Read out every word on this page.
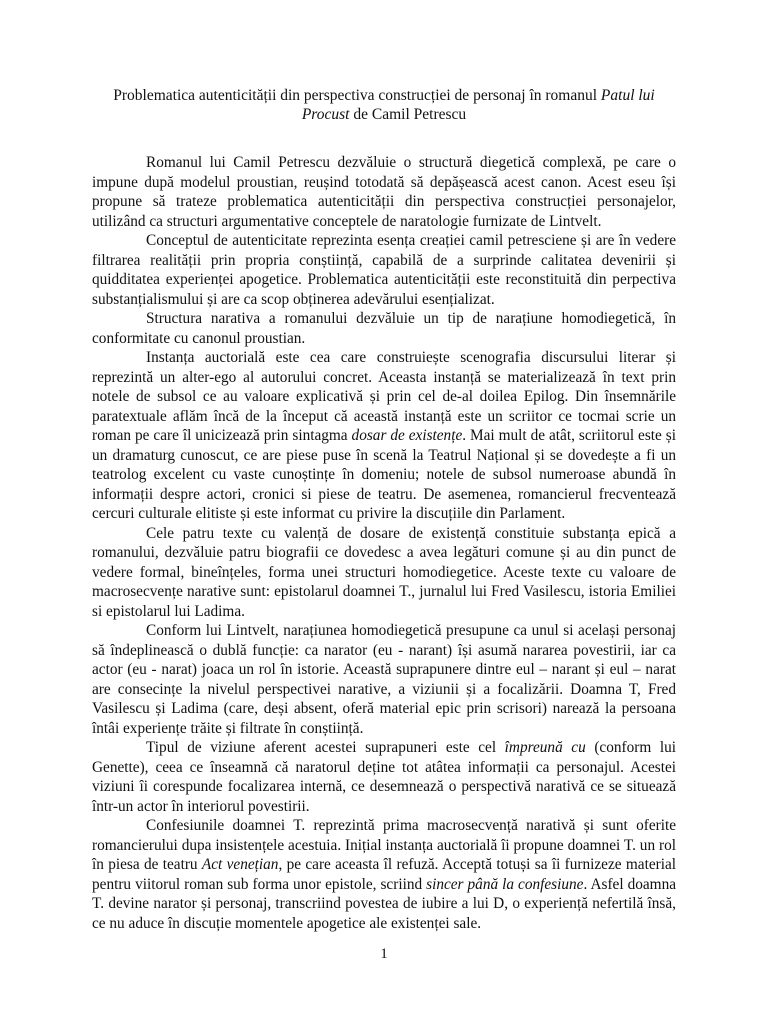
Problematica autenticității din perspectiva construcției de personaj în romanul Patul lui Procust de Camil Petrescu

Romanul lui Camil Petrescu dezvăluie o structură diegetică complexă, pe care o impune după modelul proustian, reușind totodată să depășească acest canon. Acest eseu își propune să trateze problematica autenticității din perspectiva construcției personajelor, utilizând ca structuri argumentative conceptele de naratologie furnizate de Lintvelt.

Conceptul de autenticitate reprezinta esența creației camil petresciene și are în vedere filtrarea realității prin propria conștiință, capabilă de a surprinde calitatea devenirii și quidditatea experienței apogetice. Problematica autenticității este reconstituită din perpectiva substanțialismului și are ca scop obținerea adevărului esențializat.

Structura narativa a romanului dezvăluie un tip de narațiune homodiegetică, în conformitate cu canonul proustian.

Instanța auctorială este cea care construiește scenografia discursului literar și reprezintă un alter-ego al autorului concret. Aceasta instanță se materializează în text prin notele de subsol ce au valoare explicativă și prin cel de-al doilea Epilog. Din însemnările paratextuale aflăm încă de la început că această instanță este un scriitor ce tocmai scrie un roman pe care îl unicizează prin sintagma dosar de existențe. Mai mult de atât, scriitorul este și un dramaturg cunoscut, ce are piese puse în scenă la Teatrul Național și se dovedește a fi un teatrolog excelent cu vaste cunoștințe în domeniu; notele de subsol numeroase abundă în informații despre actori, cronici si piese de teatru. De asemenea, romancierul frecventează cercuri culturale elitiste și este informat cu privire la discuțiile din Parlament.

Cele patru texte cu valență de dosare de existență constituie substanța epică a romanului, dezvăluie patru biografii ce dovedesc a avea legături comune și au din punct de vedere formal, bineînțeles, forma unei structuri homodiegetice. Aceste texte cu valoare de macrosecvențe narative sunt: epistolarul doamnei T., jurnalul lui Fred Vasilescu, istoria Emiliei si epistolarul lui Ladima.

Conform lui Lintvelt, narațiunea homodiegetică presupune ca unul si același personaj să îndeplinească o dublă funcție: ca narator (eu - narant) își asumă nararea povestirii, iar ca actor (eu - narat) joaca un rol în istorie. Această suprapunere dintre eul – narant și eul – narat are consecințe la nivelul perspectivei narative, a viziunii și a focalizării. Doamna T, Fred Vasilescu și Ladima (care, deși absent, oferă material epic prin scrisori) narează la persoana întâi experiențe trăite și filtrate în conștiință.

Tipul de viziune aferent acestei suprapuneri este cel împreună cu (conform lui Genette), ceea ce înseamnă că naratorul deține tot atâtea informații ca personajul. Acestei viziuni îi corespunde focalizarea internă, ce desemnează o perspectivă narativă ce se situează într-un actor în interiorul povestirii.

Confesiunile doamnei T. reprezintă prima macrosecvență narativă și sunt oferite romancierului dupa insistențele acestuia. Inițial instanța auctorială îi propune doamnei T. un rol în piesa de teatru Act venețian, pe care aceasta îl refuză. Acceptă totuși sa îi furnizeze material pentru viitorul roman sub forma unor epistole, scriind sincer până la confesiune. Asfel doamna T. devine narator și personaj, transcriind povestea de iubire a lui D, o experiență nefertilă însă, ce nu aduce în discuție momentele apogetice ale existenței sale.

1
